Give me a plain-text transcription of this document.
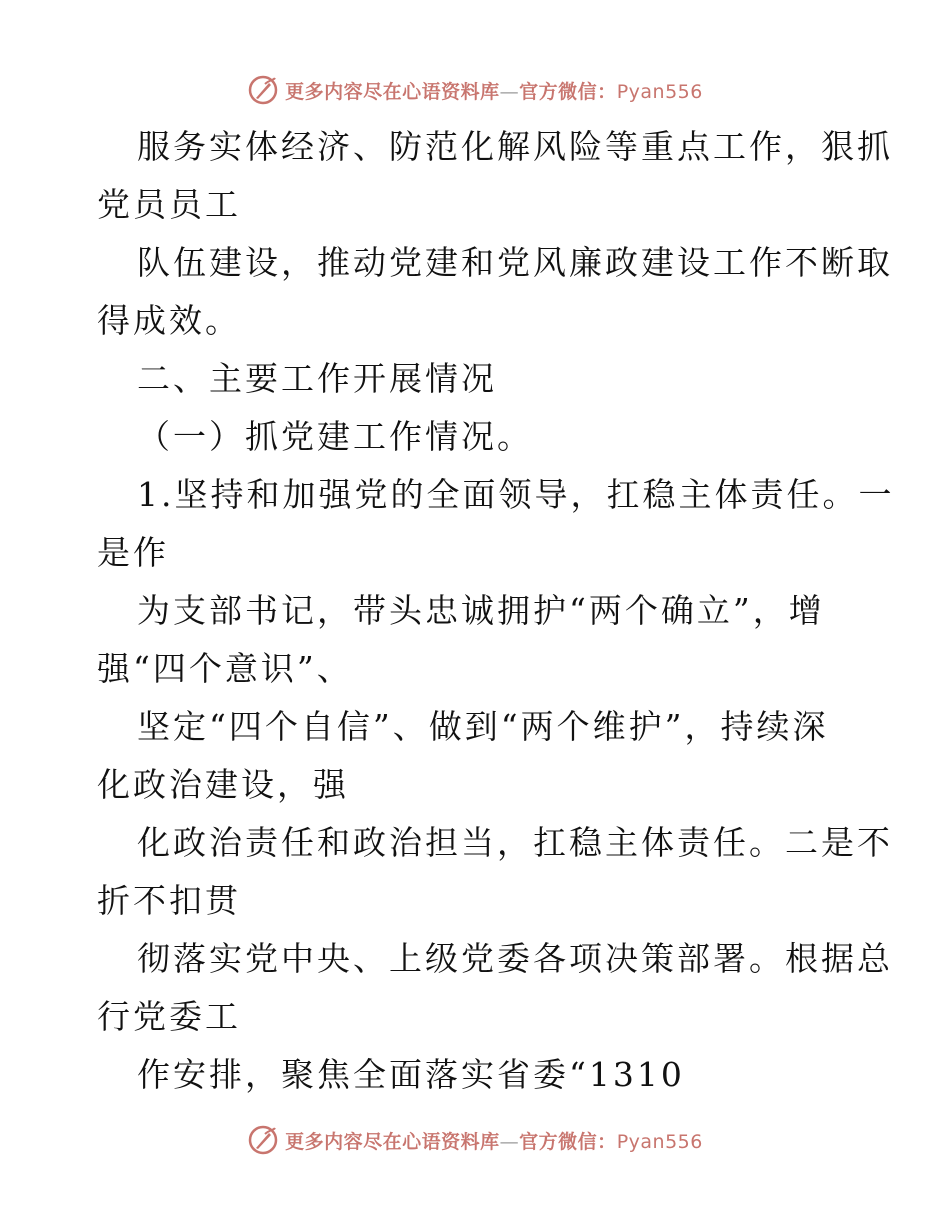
更多内容尽在心语资料库—官方微信：Pyan556

服务实体经济、防范化解风险等重点工作，狠抓

党员员工

队伍建设，推动党建和党风廉政建设工作不断取

得成效。

二、主要工作开展情况

（一）抓党建工作情况。

1.坚持和加强党的全面领导，扛稳主体责任。一

是作

为支部书记，带头忠诚拥护“两个确立”，增

强“四个意识”、

坚定“四个自信”、做到“两个维护”，持续深

化政治建设，强

化政治责任和政治担当，扛稳主体责任。二是不

折不扣贯

彻落实党中央、上级党委各项决策部署。根据总

行党委工

作安排，聚焦全面落实省委“1310

更多内容尽在心语资料库—官方微信：Pyan556
